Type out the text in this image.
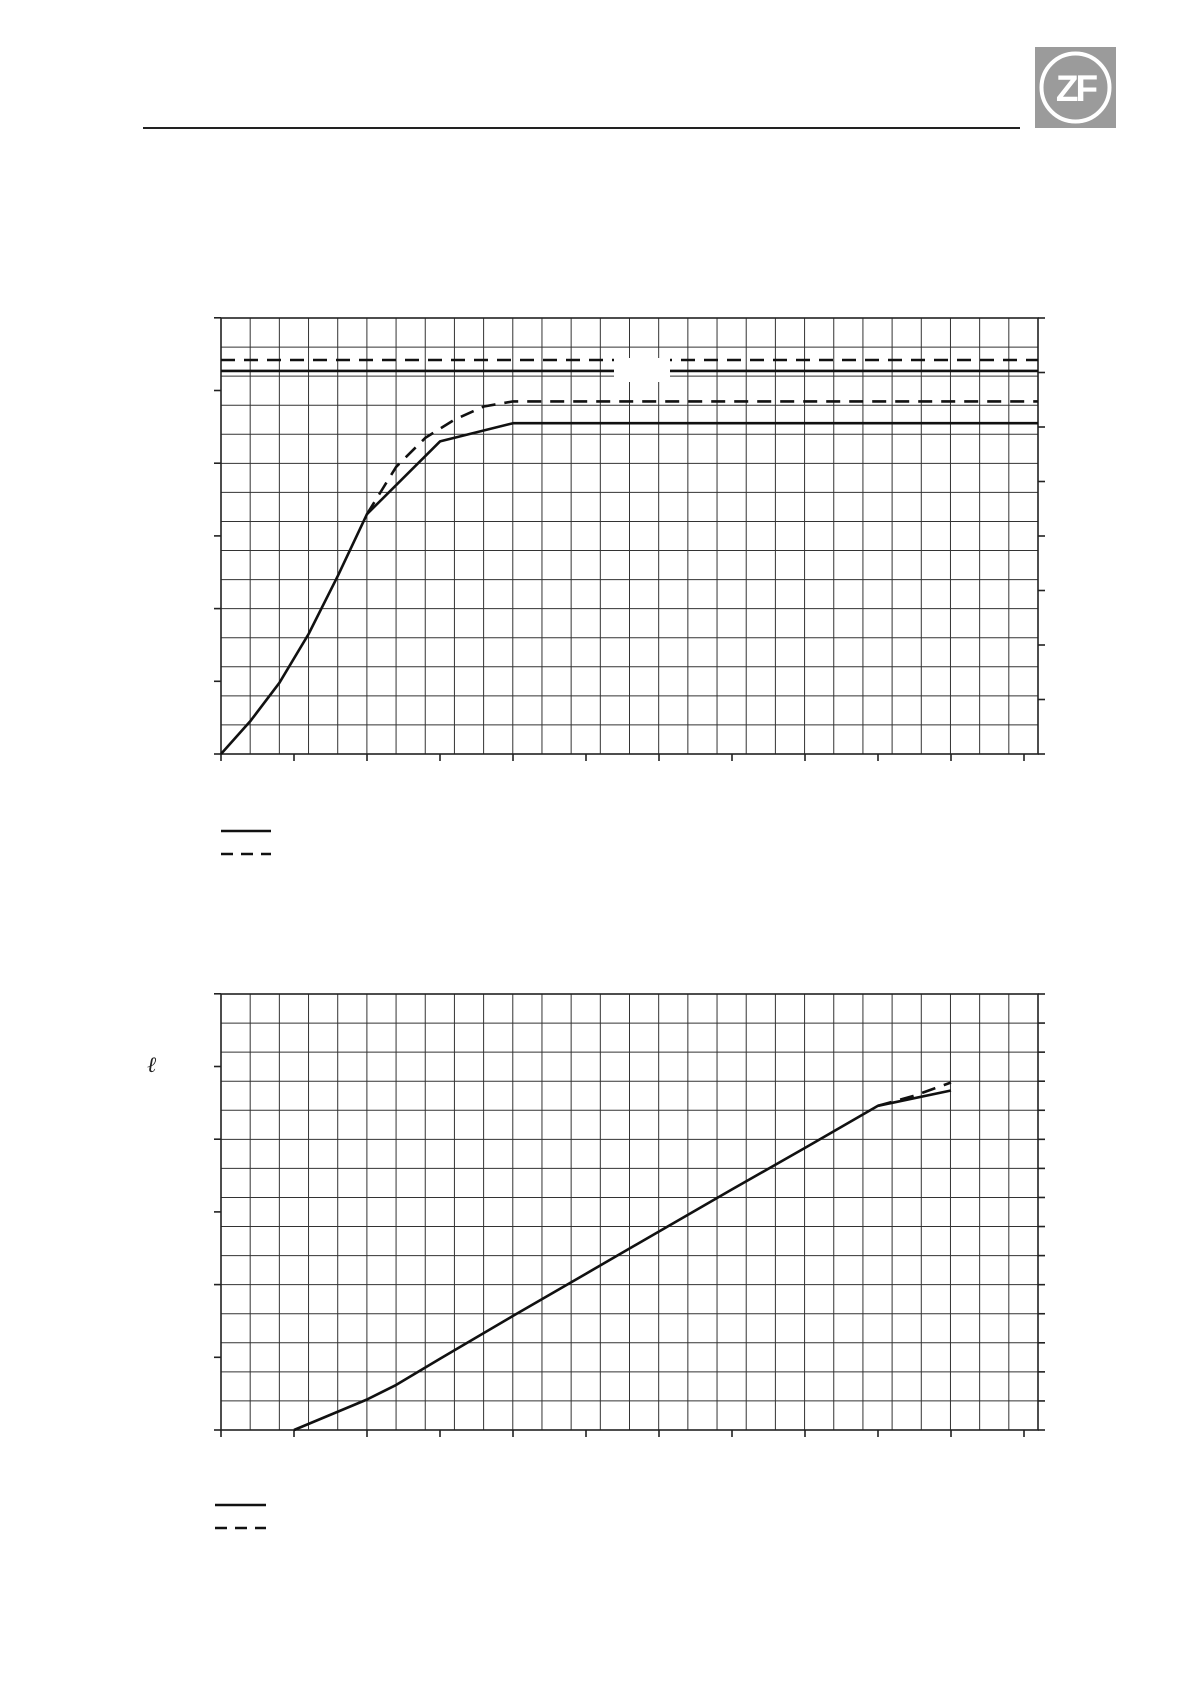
ZF
ℓ
